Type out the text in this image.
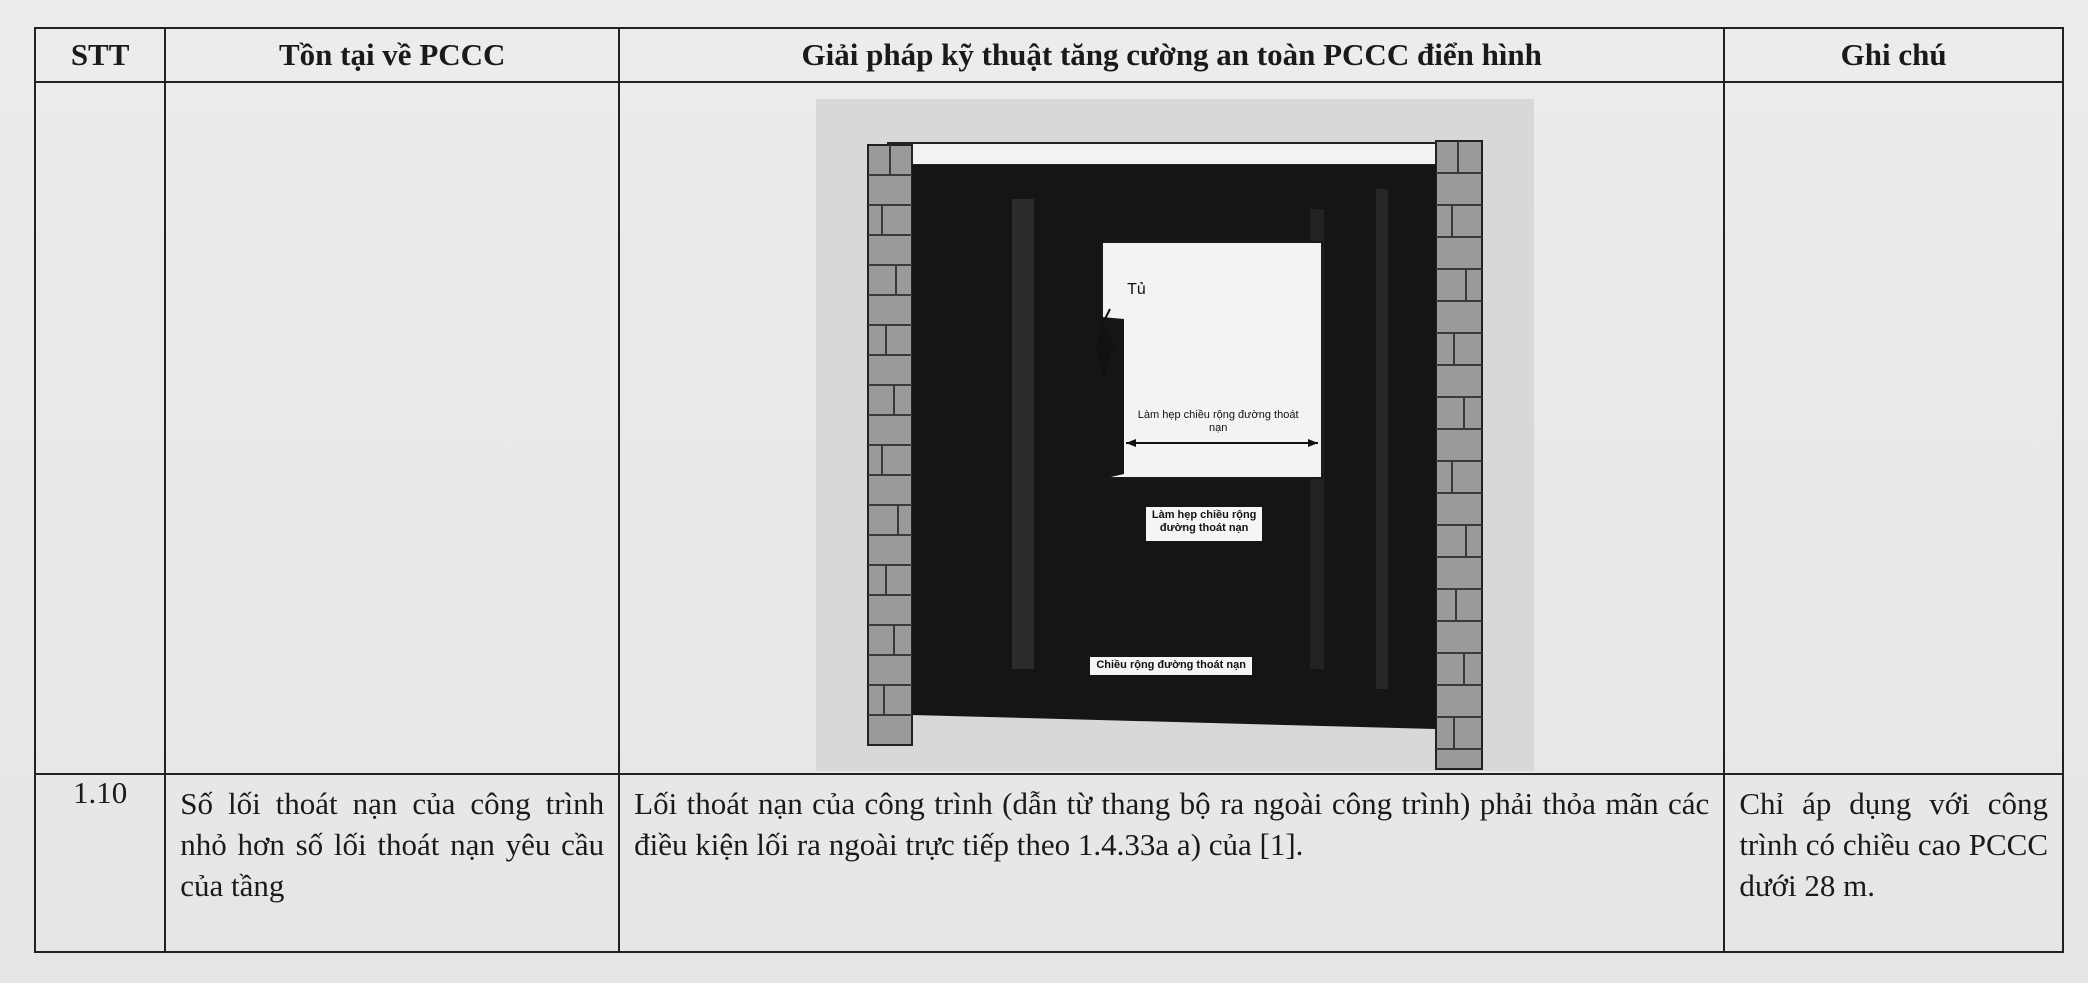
STT	Tồn tại về PCCC	Giải pháp kỹ thuật tăng cường an toàn PCCC điển hình	Ghi chú

		Tủ
Làm hẹp chiều rộng đường thoát nạn
Làm hẹp chiều rộng đường thoát nạn
Chiều rộng đường thoát nạn	

1.10	Số lối thoát nạn của công trình nhỏ hơn số lối thoát nạn yêu cầu của tầng	Lối thoát nạn của công trình (dẫn từ thang bộ ra ngoài công trình) phải thỏa mãn các điều kiện lối ra ngoài trực tiếp theo 1.4.33a a) của [1].	Chỉ áp dụng với công trình có chiều cao PCCC dưới 28 m.
